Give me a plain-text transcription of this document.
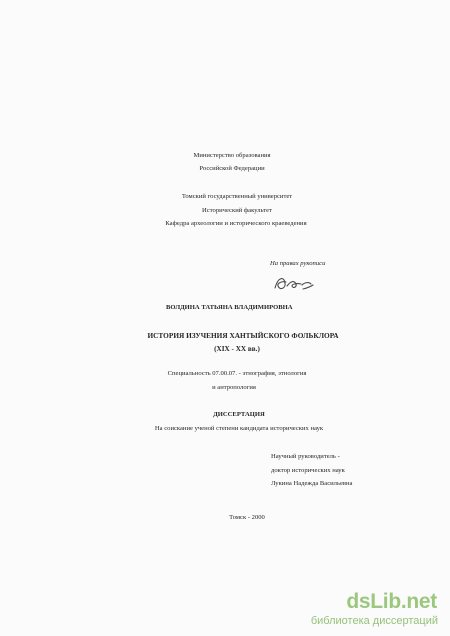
Министерство образования
Российской Федерации
Томский государственный университет
Исторический факультет
Кафедра археологии и исторического краеведения
На правах рукописи
ВОЛДИНА ТАТЬЯНА ВЛАДИМИРОВНА
ИСТОРИЯ ИЗУЧЕНИЯ ХАНТЫЙСКОГО ФОЛЬКЛОРА
(XIX - XX вв.)
Специальность 07.00.07. - этнография, этнология
и антропология
ДИССЕРТАЦИЯ
На соискание ученой степени кандидата исторических наук
Научный руководитель -
доктор исторических наук
Лукина Надежда Васильевна
Томск - 2000
dsLib.net
библиотека диссертаций
